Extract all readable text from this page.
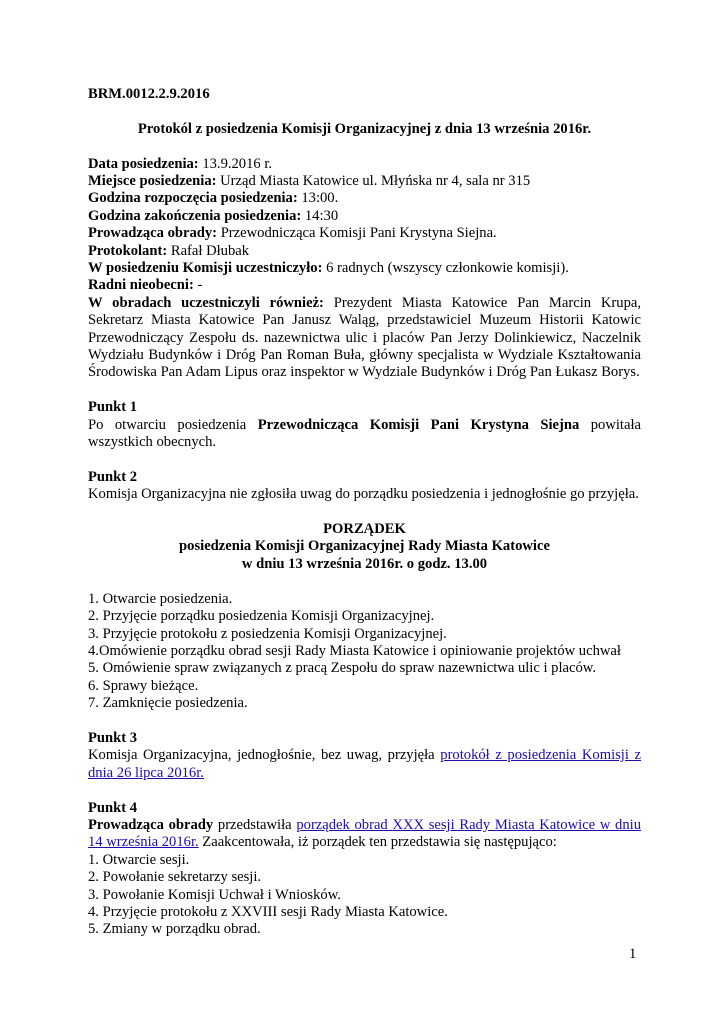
BRM.0012.2.9.2016

Protokól z posiedzenia Komisji Organizacyjnej z dnia 13 września 2016r.

Data posiedzenia: 13.9.2016 r.

Miejsce posiedzenia: Urząd Miasta Katowice ul. Młyńska nr 4, sala nr 315

Godzina rozpoczęcia posiedzenia: 13:00.

Godzina zakończenia posiedzenia: 14:30

Prowadząca obrady: Przewodnicząca Komisji Pani Krystyna Siejna.

Protokolant: Rafał Dłubak

W posiedzeniu Komisji uczestniczyło: 6 radnych (wszyscy członkowie komisji).

Radni nieobecni: -

W obradach uczestniczyli również: Prezydent Miasta Katowice Pan Marcin Krupa, Sekretarz Miasta Katowice Pan Janusz Waląg, przedstawiciel Muzeum Historii Katowic Przewodniczący Zespołu ds. nazewnictwa ulic i placów Pan Jerzy Dolinkiewicz, Naczelnik Wydziału Budynków i Dróg Pan Roman Buła, główny specjalista w Wydziale Kształtowania Środowiska Pan Adam Lipus oraz inspektor w Wydziale Budynków i Dróg Pan Łukasz Borys.

Punkt 1

Po otwarciu posiedzenia Przewodnicząca Komisji Pani Krystyna Siejna powitała wszystkich obecnych.

Punkt 2

Komisja Organizacyjna nie zgłosiła uwag do porządku posiedzenia i jednogłośnie go przyjęła.

PORZĄDEK

posiedzenia Komisji Organizacyjnej Rady Miasta Katowice

w dniu 13 września 2016r. o godz. 13.00

1. Otwarcie posiedzenia.

2. Przyjęcie porządku posiedzenia Komisji Organizacyjnej.

3. Przyjęcie protokołu z posiedzenia Komisji Organizacyjnej.

4.Omówienie porządku obrad sesji Rady Miasta Katowice i opiniowanie projektów uchwał

5. Omówienie spraw związanych z pracą Zespołu do spraw nazewnictwa ulic i placów.

6. Sprawy bieżące.

7. Zamknięcie posiedzenia.

Punkt 3

Komisja Organizacyjna, jednogłośnie, bez uwag, przyjęła protokół z posiedzenia Komisji z dnia 26 lipca 2016r.

Punkt 4

Prowadząca obrady przedstawiła porządek obrad XXX sesji Rady Miasta Katowice w dniu 14 września 2016r. Zaakcentowała, iż porządek ten przedstawia się następująco:

1. Otwarcie sesji.

2. Powołanie sekretarzy sesji.

3. Powołanie Komisji Uchwał i Wniosków.

4. Przyjęcie protokołu z XXVIII sesji Rady Miasta Katowice.

5. Zmiany w porządku obrad.

1
